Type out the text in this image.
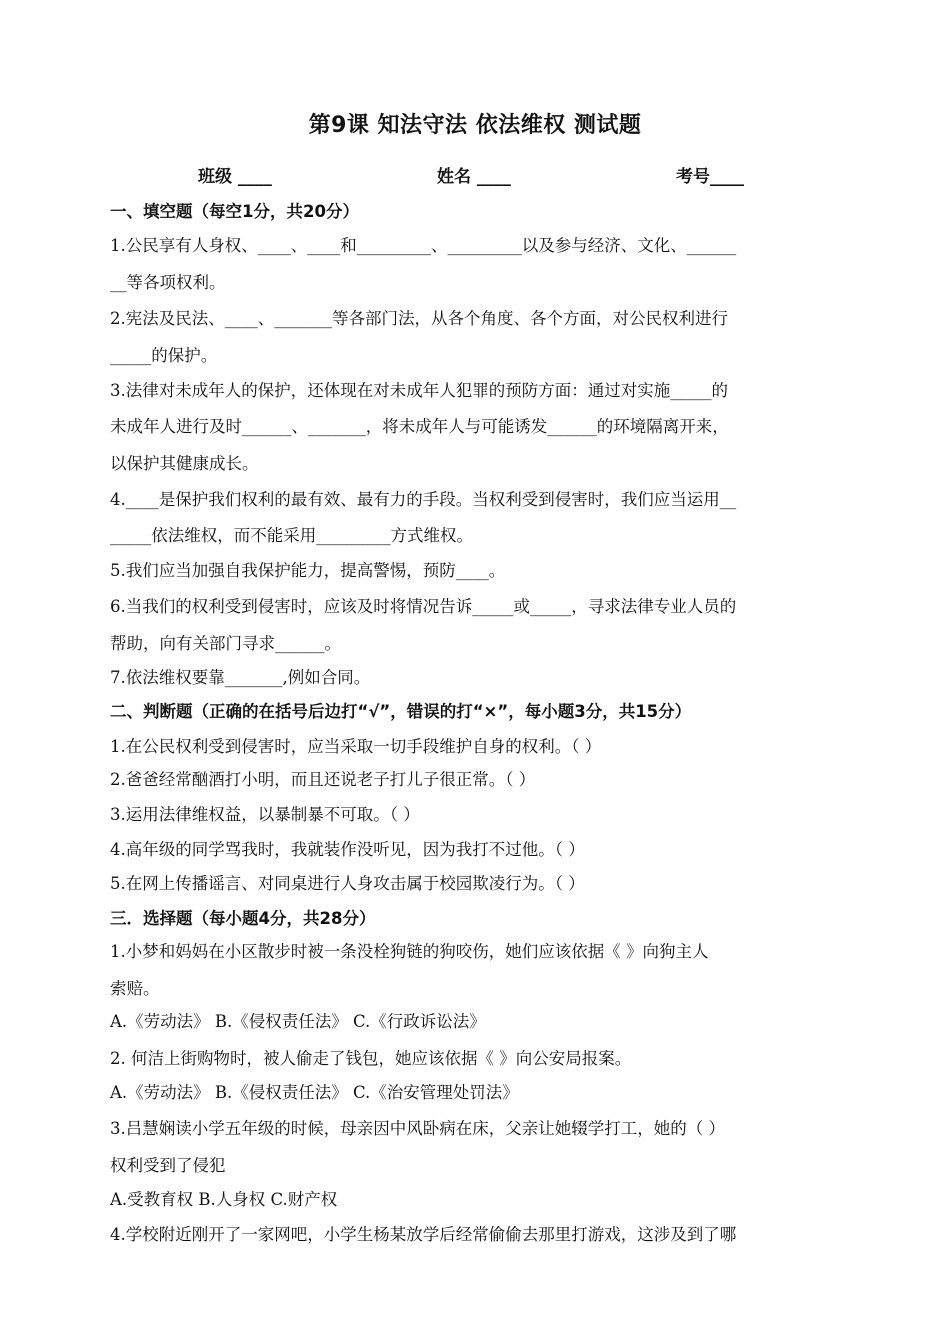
第9课 知法守法 依法维权 测试题
班级 ____	姓名 ____	考号____
一、填空题（每空1分，共20分）
1.公民享有人身权、____、____和_________、_________以及参与经济、文化、______
__等各项权利。
2.宪法及民法、____、_______等各部门法，从各个角度、各个方面，对公民权利进行
_____的保护。
3.法律对未成年人的保护，还体现在对未成年人犯罪的预防方面：通过对实施_____的
未成年人进行及时______、_______，将未成年人与可能诱发______的环境隔离开来，
以保护其健康成长。
4.____是保护我们权利的最有效、最有力的手段。当权利受到侵害时，我们应当运用__
_____依法维权，而不能采用_________方式维权。
5.我们应当加强自我保护能力，提高警惕，预防____。
6.当我们的权利受到侵害时，应该及时将情况告诉_____或_____，寻求法律专业人员的
帮助，向有关部门寻求______。
7.依法维权要靠_______,例如合同。
二、判断题（正确的在括号后边打“√”，错误的打“×”，每小题3分，共15分）
1.在公民权利受到侵害时，应当采取一切手段维护自身的权利。（ ）
2.爸爸经常酗酒打小明，而且还说老子打儿子很正常。（ ）
3.运用法律维权益，以暴制暴不可取。（ ）
4.高年级的同学骂我时，我就装作没听见，因为我打不过他。（ ）
5.在网上传播谣言、对同桌进行人身攻击属于校园欺凌行为。（ ）
三．选择题（每小题4分，共28分）
1.小梦和妈妈在小区散步时被一条没栓狗链的狗咬伤，她们应该依据《 》向狗主人
索赔。
A.《劳动法》 B.《侵权责任法》 C.《行政诉讼法》
2. 何洁上街购物时，被人偷走了钱包，她应该依据《 》向公安局报案。
A.《劳动法》 B.《侵权责任法》 C.《治安管理处罚法》
3.吕慧娴读小学五年级的时候，母亲因中风卧病在床，父亲让她辍学打工，她的（ ）
权利受到了侵犯
A.受教育权 B.人身权 C.财产权
4.学校附近刚开了一家网吧，小学生杨某放学后经常偷偷去那里打游戏，这涉及到了哪
